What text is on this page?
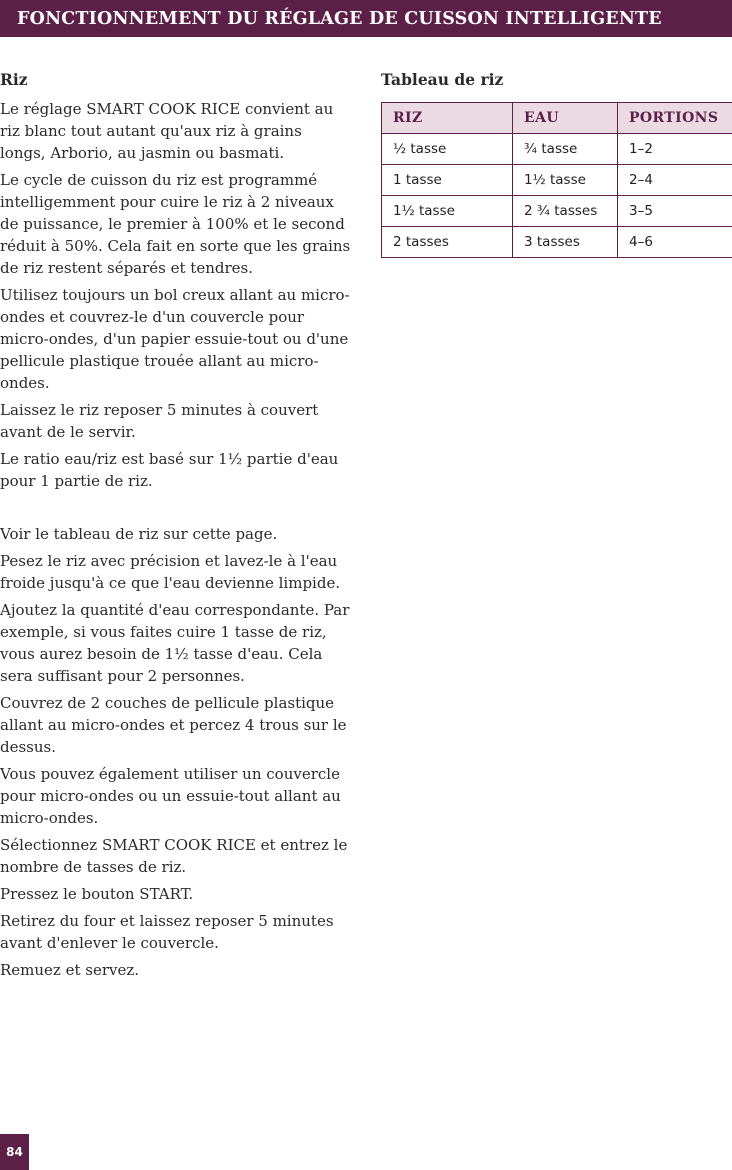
FONCTIONNEMENT DU RÉGLAGE DE CUISSON INTELLIGENTE

Riz

Le réglage SMART COOK RICE convient au riz blanc tout autant qu'aux riz à grains longs, Arborio, au jasmin ou basmati.

Le cycle de cuisson du riz est programmé intelligemment pour cuire le riz à 2 niveaux de puissance, le premier à 100% et le second réduit à 50%. Cela fait en sorte que les grains de riz restent séparés et tendres.

Utilisez toujours un bol creux allant au micro-ondes et couvrez-le d'un couvercle pour micro-ondes, d'un papier essuie-tout ou d'une pellicule plastique trouée allant au micro-ondes.

Laissez le riz reposer 5 minutes à couvert avant de le servir.

Le ratio eau/riz est basé sur 1½ partie d'eau pour 1 partie de riz.

Voir le tableau de riz sur cette page.

Pesez le riz avec précision et lavez-le à l'eau froide jusqu'à ce que l'eau devienne limpide.

Ajoutez la quantité d'eau correspondante. Par exemple, si vous faites cuire 1 tasse de riz, vous aurez besoin de 1½ tasse d'eau. Cela sera suffisant pour 2 personnes.

Couvrez de 2 couches de pellicule plastique allant au micro-ondes et percez 4 trous sur le dessus.

Vous pouvez également utiliser un couvercle pour micro-ondes ou un essuie-tout allant au micro-ondes.

Sélectionnez SMART COOK RICE et entrez le nombre de tasses de riz.

Pressez le bouton START.

Retirez du four et laissez reposer 5 minutes avant d'enlever le couvercle.

Remuez et servez.

Tableau de riz

RIZ	EAU	PORTIONS
½ tasse	¾ tasse	1–2
1 tasse	1½ tasse	2–4
1½ tasse	2 ¾ tasses	3–5
2 tasses	3 tasses	4–6
84
